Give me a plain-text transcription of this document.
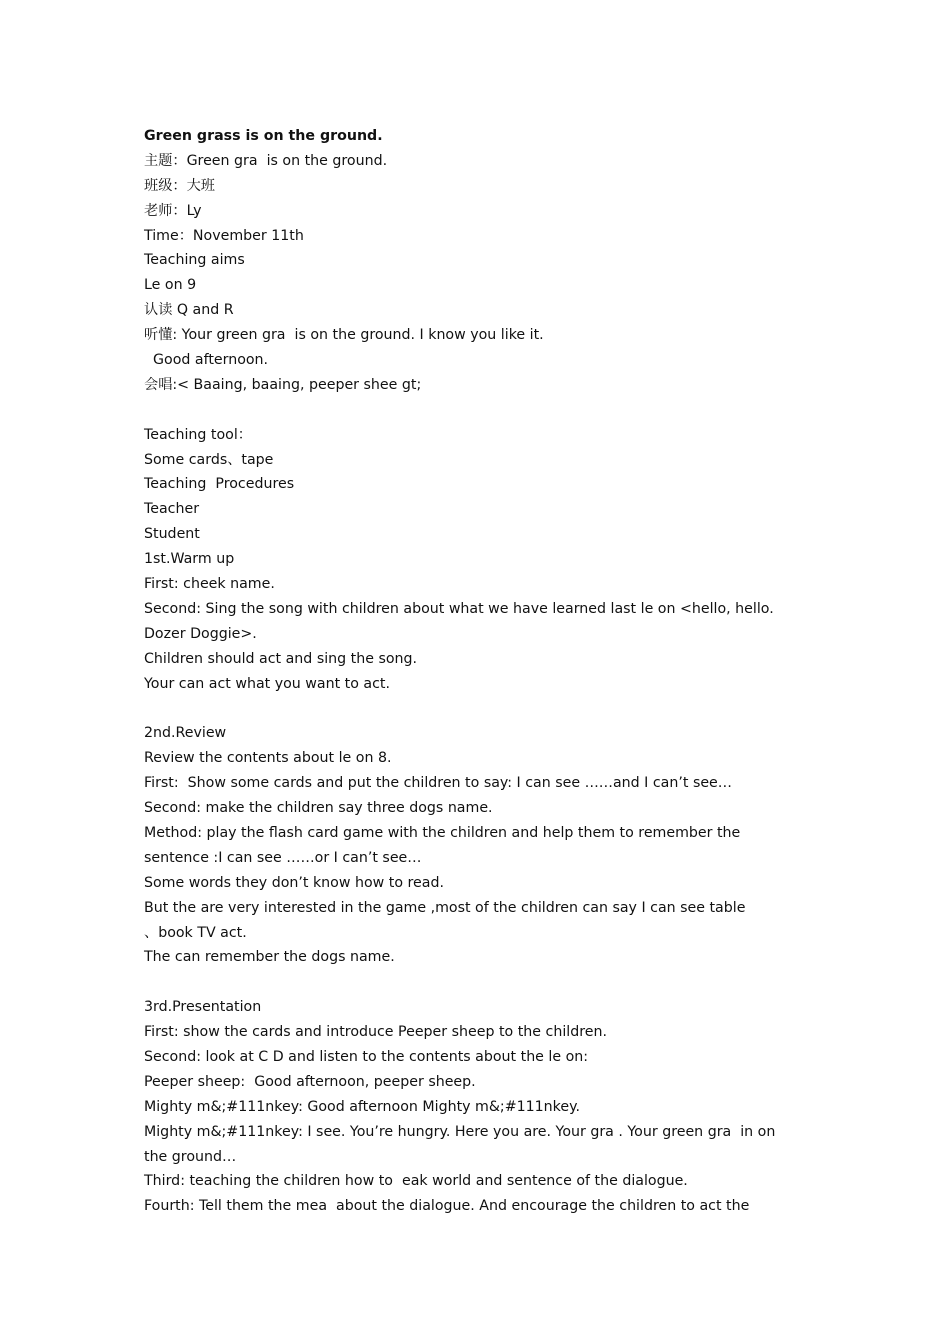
Green grass is on the ground.
主题：Green gra  is on the ground.
班级：大班
老师：Ly
Time：November 11th
Teaching aims
Le on 9
认读 Q and R
听懂: Your green gra  is on the ground. I know you like it.
Good afternoon.
会唱:< Baaing, baaing, peeper shee gt;
Teaching tool：
Some cards、tape
Teaching  Procedures
Teacher
Student
1st.Warm up
First: cheek name.
Second: Sing the song with children about what we have learned last le on <hello, hello.
Dozer Doggie>.
Children should act and sing the song.
Your can act what you want to act.
2nd.Review
Review the contents about le on 8.
First:  Show some cards and put the children to say: I can see ……and I can’t see…
Second: make the children say three dogs name.
Method: play the flash card game with the children and help them to remember the
sentence :I can see ……or I can’t see…
Some words they don’t know how to read.
But the are very interested in the game ,most of the children can say I can see table
、book TV act.
The can remember the dogs name.
3rd.Presentation
First: show the cards and introduce Peeper sheep to the children.
Second: look at C D and listen to the contents about the le on:
Peeper sheep:  Good afternoon, peeper sheep.
Mighty m&;#111nkey: Good afternoon Mighty m&;#111nkey.
Mighty m&;#111nkey: I see. You’re hungry. Here you are. Your gra . Your green gra  in on
the ground…
Third: teaching the children how to  eak world and sentence of the dialogue.
Fourth: Tell them the mea  about the dialogue. And encourage the children to act the
